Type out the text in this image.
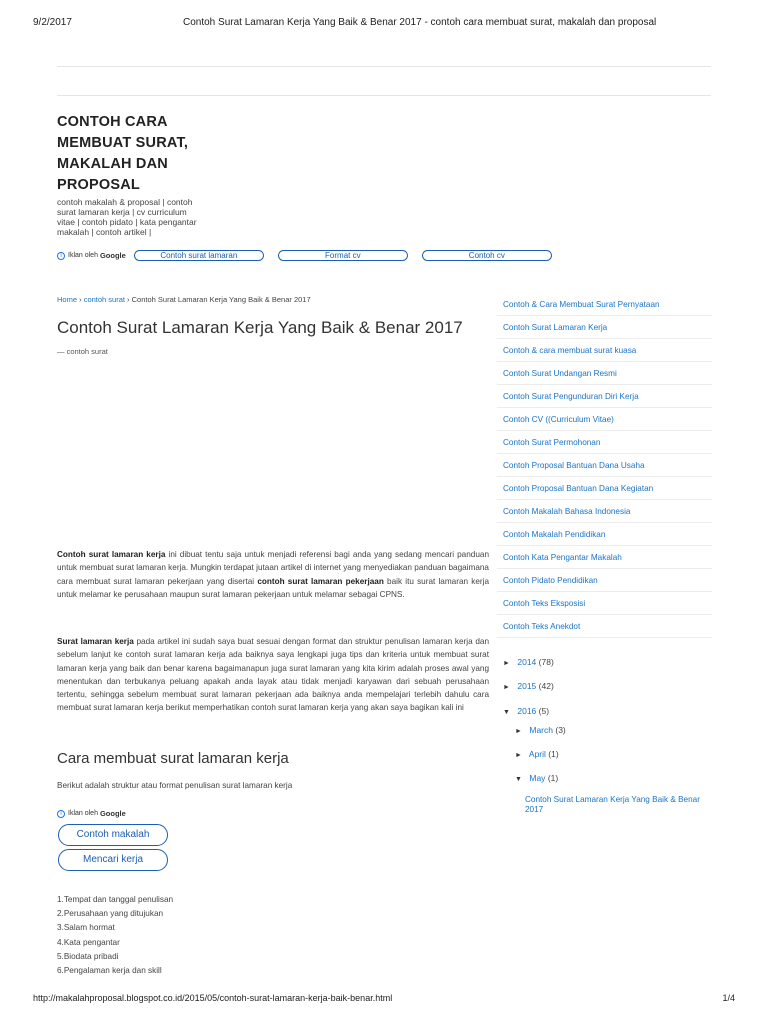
9/2/2017	Contoh Surat Lamaran Kerja Yang Baik & Benar 2017 - contoh cara membuat surat, makalah dan proposal
CONTOH CARA MEMBUAT SURAT, MAKALAH DAN PROPOSAL
contoh makalah & proposal | contoh surat lamaran kerja | cv curriculum vitae | contoh pidato | kata pengantar makalah | contoh artikel |
i Iklan oleh Google	Contoh surat lamaran	Format cv	Contoh cv
Home › contoh surat › Contoh Surat Lamaran Kerja Yang Baik & Benar 2017
Contoh Surat Lamaran Kerja Yang Baik & Benar 2017
— contoh surat
Contoh surat lamaran kerja ini dibuat tentu saja untuk menjadi referensi bagi anda yang sedang mencari panduan untuk membuat surat lamaran kerja. Mungkin terdapat jutaan artikel di internet yang menyediakan panduan bagaimana cara membuat surat lamaran pekerjaan yang disertai contoh surat lamaran pekerjaan baik itu surat lamaran kerja untuk melamar ke perusahaan maupun surat lamaran pekerjaan untuk melamar sebagai CPNS.
Surat lamaran kerja pada artikel ini sudah saya buat sesuai dengan format dan struktur penulisan lamaran kerja dan sebelum lanjut ke contoh surat lamaran kerja ada baiknya saya lengkapi juga tips dan kriteria untuk membuat surat lamaran kerja yang baik dan benar karena bagaimanapun juga surat lamaran yang kita kirim adalah proses awal yang menentukan dan terbukanya peluang apakah anda layak atau tidak menjadi karyawan dari sebuah perusahaan tertentu, sehingga sebelum membuat surat lamaran pekerjaan ada baiknya anda mempelajari terlebih dahulu cara membuat surat lamaran kerja berikut memperhatikan contoh surat lamaran kerja yang akan saya bagikan kali ini
Cara membuat surat lamaran kerja
Berikut adalah struktur atau format penulisan surat lamaran kerja
i Iklan oleh Google
Contoh makalah
Mencari kerja
1.Tempat dan tanggal penulisan
2.Perusahaan yang ditujukan
3.Salam hormat
4.Kata pengantar
5.Biodata pribadi
6.Pengalaman kerja dan skill
Contoh & Cara Membuat Surat Pernyataan
Contoh Surat Lamaran Kerja
Contoh & cara membuat surat kuasa
Contoh Surat Undangan Resmi
Contoh Surat Pengunduran Diri Kerja
Contoh CV ((Curriculum Vitae)
Contoh Surat Permohonan
Contoh Proposal Bantuan Dana Usaha
Contoh Proposal Bantuan Dana Kegiatan
Contoh Makalah Bahasa Indonesia
Contoh Makalah Pendidikan
Contoh Kata Pengantar Makalah
Contoh Pidato Pendidikan
Contoh Teks Eksposisi
Contoh Teks Anekdot
► 2014 (78)
► 2015 (42)
▼ 2016 (5)
► March (3)
► April (1)
▼ May (1)
Contoh Surat Lamaran Kerja Yang Baik & Benar 2017
http://makalahproposal.blogspot.co.id/2015/05/contoh-surat-lamaran-kerja-baik-benar.html	1/4
